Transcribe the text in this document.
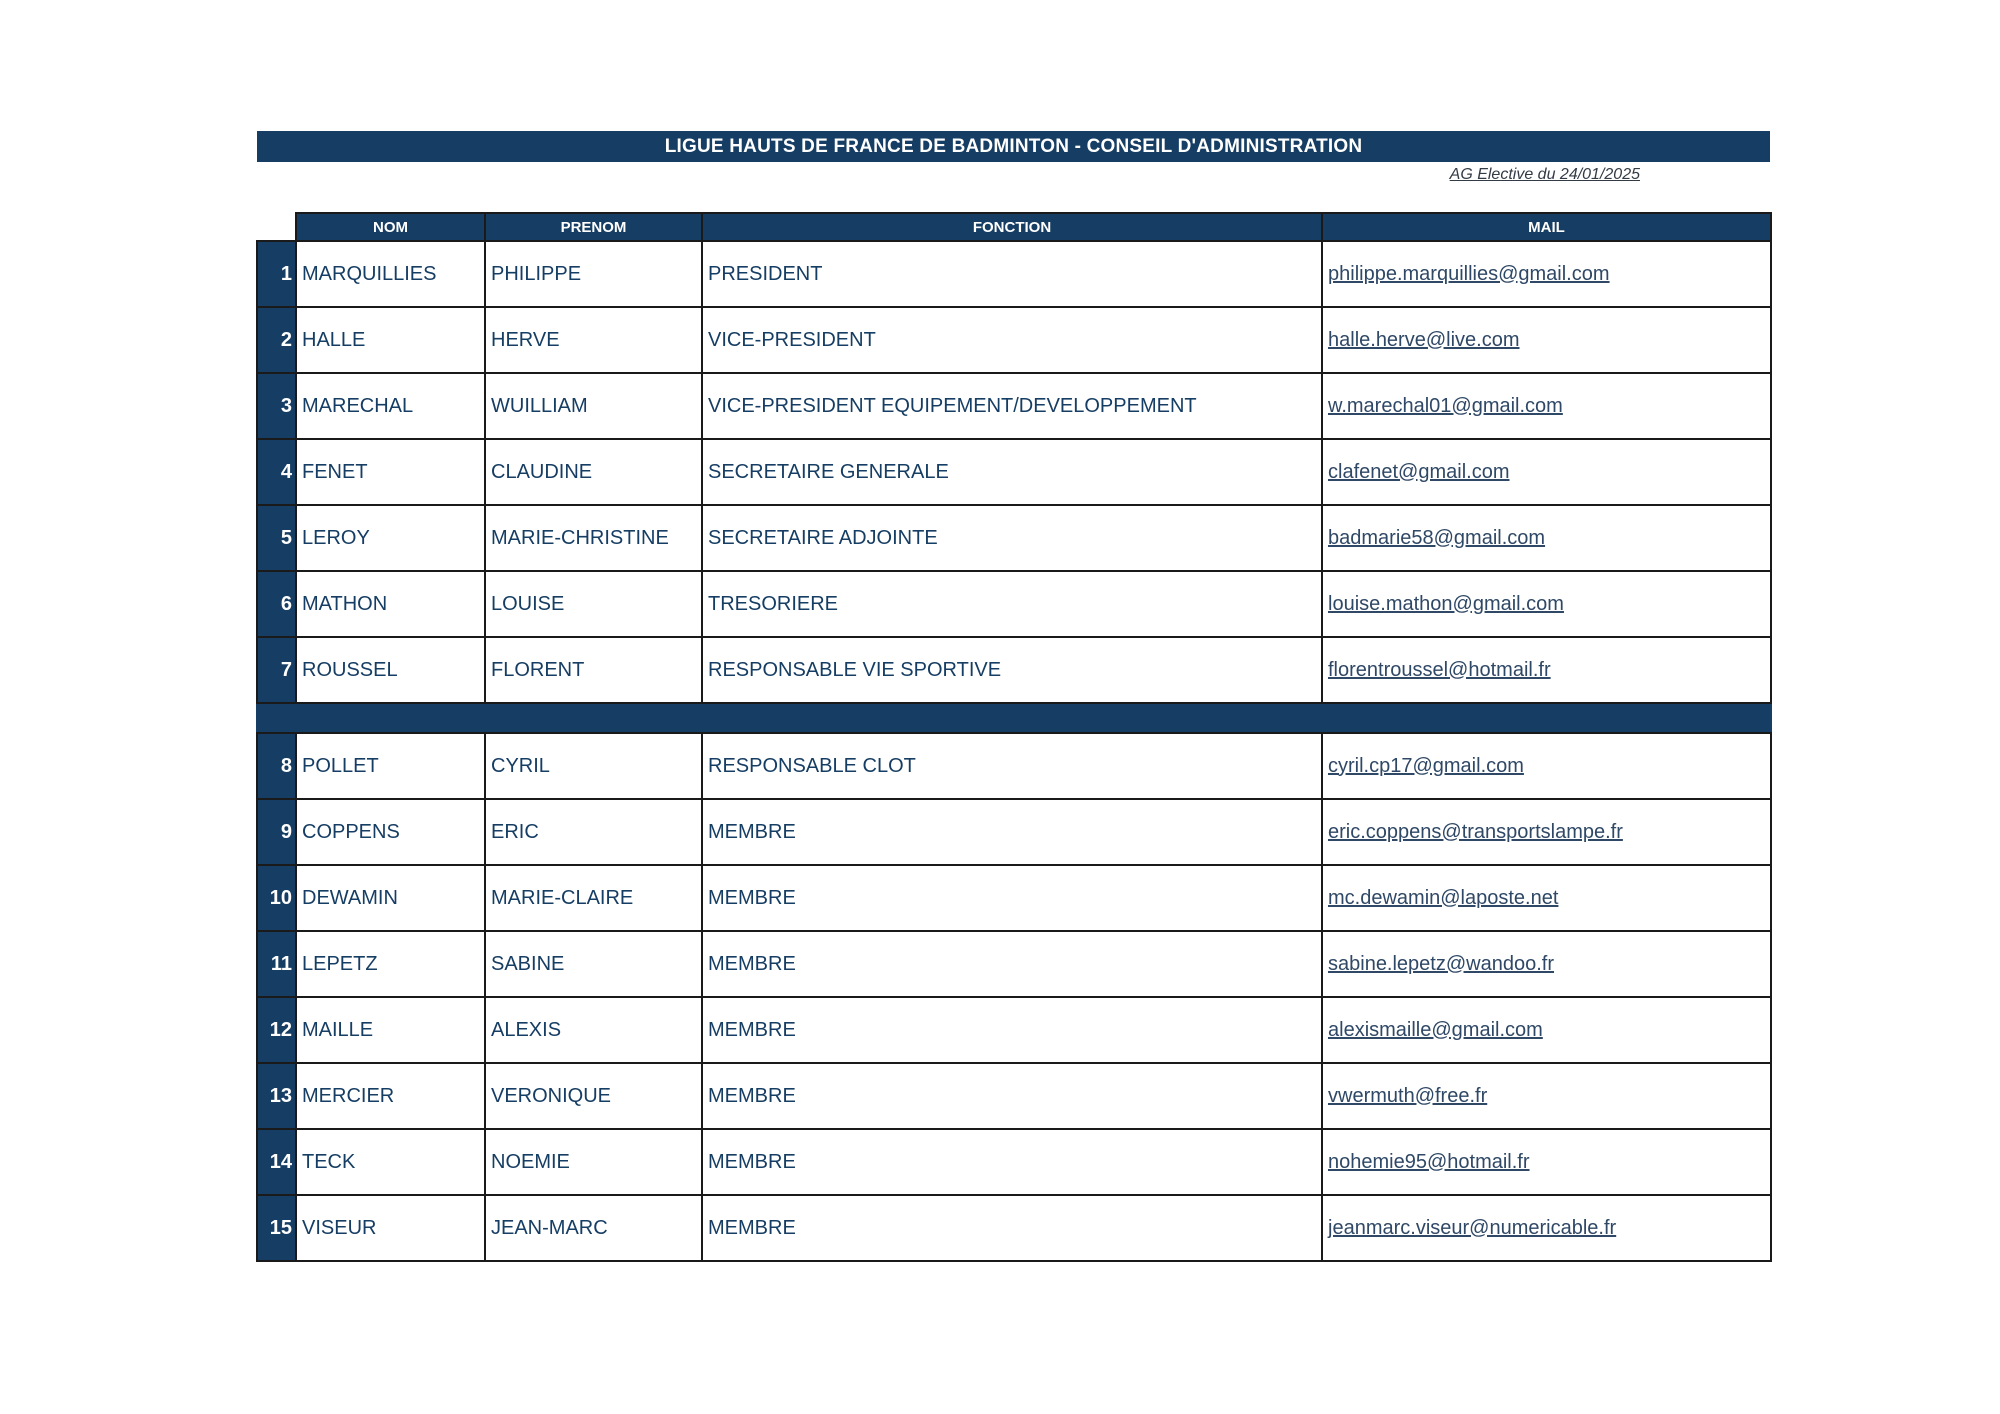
LIGUE HAUTS DE FRANCE DE BADMINTON - CONSEIL D'ADMINISTRATION
AG Elective du 24/01/2025
	NOM	PRENOM	FONCTION	MAIL
1	MARQUILLIES	PHILIPPE	PRESIDENT	philippe.marquillies@gmail.com
2	HALLE	HERVE	VICE-PRESIDENT	halle.herve@live.com
3	MARECHAL	WUILLIAM	VICE-PRESIDENT EQUIPEMENT/DEVELOPPEMENT	w.marechal01@gmail.com
4	FENET	CLAUDINE	SECRETAIRE GENERALE	clafenet@gmail.com
5	LEROY	MARIE-CHRISTINE	SECRETAIRE ADJOINTE	badmarie58@gmail.com
6	MATHON	LOUISE	TRESORIERE	louise.mathon@gmail.com
7	ROUSSEL	FLORENT	RESPONSABLE VIE SPORTIVE	florentroussel@hotmail.fr

8	POLLET	CYRIL	RESPONSABLE CLOT	cyril.cp17@gmail.com
9	COPPENS	ERIC	MEMBRE	eric.coppens@transportslampe.fr
10	DEWAMIN	MARIE-CLAIRE	MEMBRE	mc.dewamin@laposte.net
11	LEPETZ	SABINE	MEMBRE	sabine.lepetz@wandoo.fr
12	MAILLE	ALEXIS	MEMBRE	alexismaille@gmail.com
13	MERCIER	VERONIQUE	MEMBRE	vwermuth@free.fr
14	TECK	NOEMIE	MEMBRE	nohemie95@hotmail.fr
15	VISEUR	JEAN-MARC	MEMBRE	jeanmarc.viseur@numericable.fr
